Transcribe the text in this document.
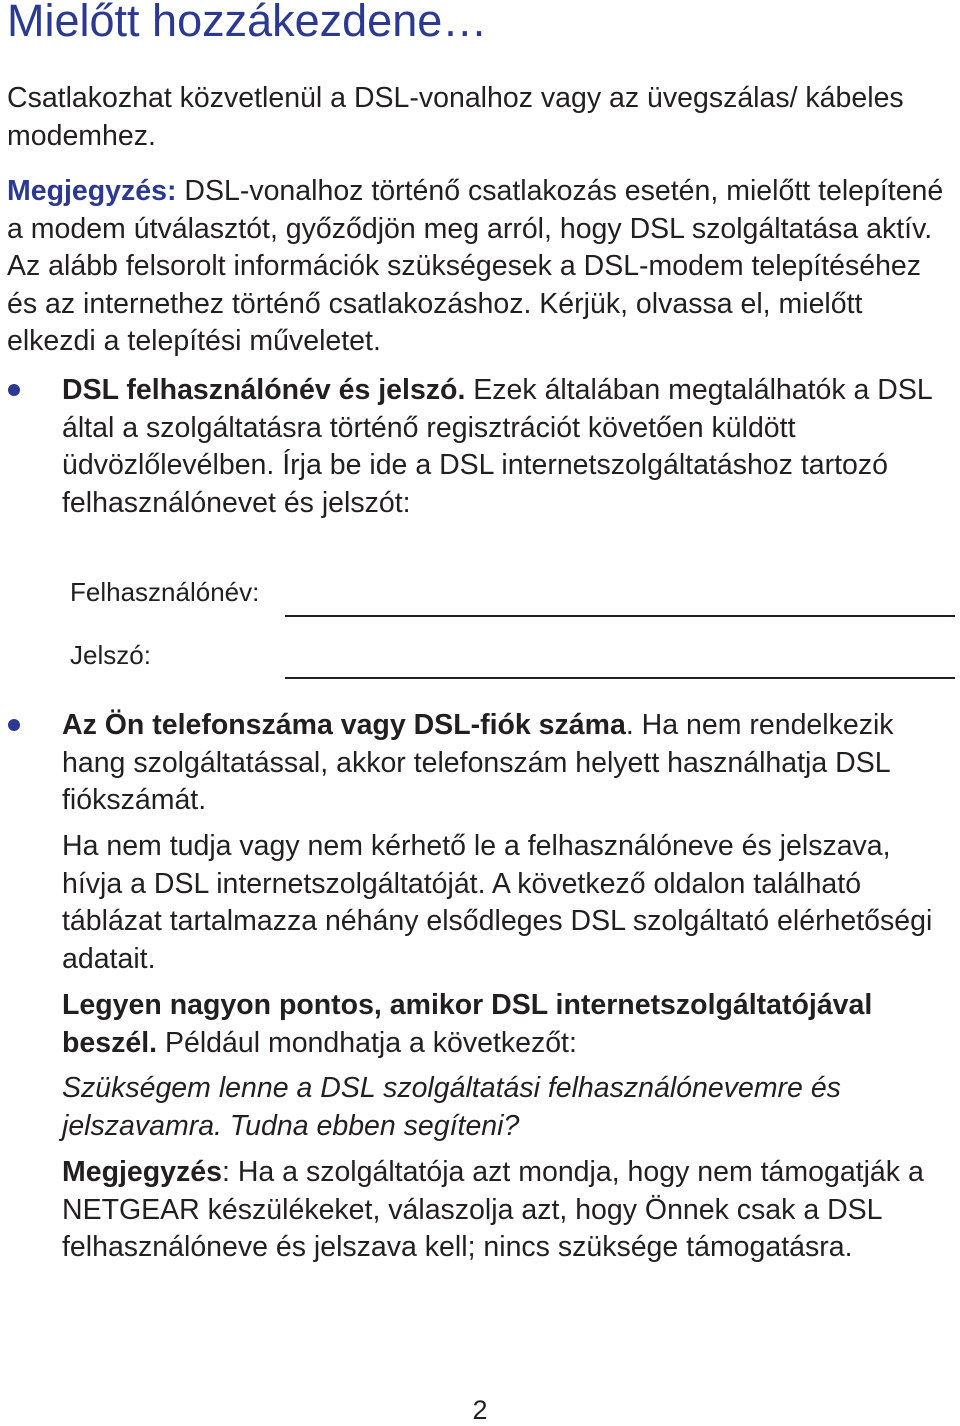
Mielőtt hozzákezdene…

Csatlakozhat közvetlenül a DSL-vonalhoz vagy az üvegszálas/ kábeles modemhez.

Megjegyzés: DSL-vonalhoz történő csatlakozás esetén, mielőtt telepítené a modem útválasztót, győződjön meg arról, hogy DSL szolgáltatása aktív. Az alább felsorolt információk szükségesek a DSL-modem telepítéséhez és az internethez történő csatlakozáshoz. Kérjük, olvassa el, mielőtt elkezdi a telepítési műveletet.

DSL felhasználónév és jelszó. Ezek általában megtalálhatók a DSL által a szolgáltatásra történő regisztrációt követően küldött üdvözlőlevélben. Írja be ide a DSL internetszolgáltatáshoz tartozó felhasználónevet és jelszót:

Felhasználónév:

Jelszó:

Az Ön telefonszáma vagy DSL-fiók száma. Ha nem rendelkezik hang szolgáltatással, akkor telefonszám helyett használhatja DSL fiókszámát.

Ha nem tudja vagy nem kérhető le a felhasználóneve és jelszava, hívja a DSL internetszolgáltatóját. A következő oldalon található táblázat tartalmazza néhány elsődleges DSL szolgáltató elérhetőségi adatait.

Legyen nagyon pontos, amikor DSL internetszolgáltatójával beszél. Például mondhatja a következőt:

Szükségem lenne a DSL szolgáltatási felhasználónevemre és jelszavamra. Tudna ebben segíteni?

Megjegyzés: Ha a szolgáltatója azt mondja, hogy nem támogatják a NETGEAR készülékeket, válaszolja azt, hogy Önnek csak a DSL felhasználóneve és jelszava kell; nincs szüksége támogatásra.

2
